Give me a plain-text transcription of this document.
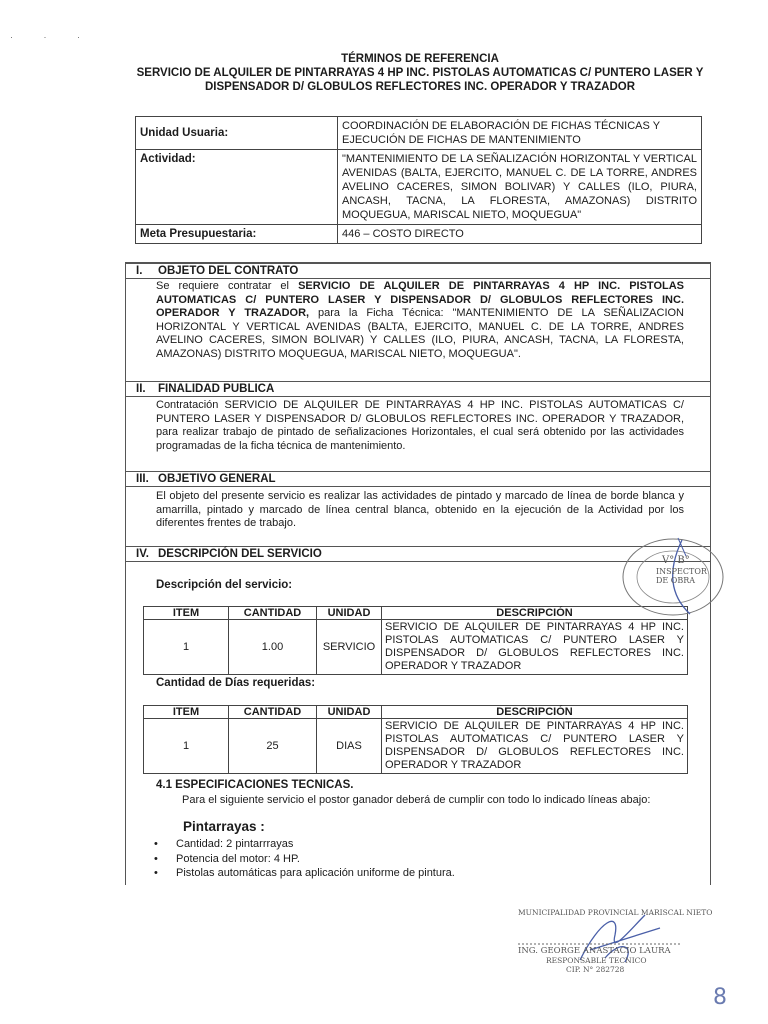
· · ·
TÉRMINOS DE REFERENCIA
SERVICIO DE ALQUILER DE PINTARRAYAS 4 HP INC. PISTOLAS AUTOMATICAS C/ PUNTERO LASER Y
DISPENSADOR D/ GLOBULOS REFLECTORES INC. OPERADOR Y TRAZADOR
Unidad Usuaria:	COORDINACIÓN DE ELABORACIÓN DE FICHAS TÉCNICAS Y EJECUCIÓN DE FICHAS DE MANTENIMIENTO
Actividad:	"MANTENIMIENTO DE LA SEÑALIZACIÓN HORIZONTAL Y VERTICAL AVENIDAS (BALTA, EJERCITO, MANUEL C. DE LA TORRE, ANDRES AVELINO CACERES, SIMON BOLIVAR) Y CALLES (ILO, PIURA, ANCASH, TACNA, LA FLORESTA, AMAZONAS) DISTRITO MOQUEGUA, MARISCAL NIETO, MOQUEGUA"
Meta Presupuestaria:	446 – COSTO DIRECTO
I. OBJETO DEL CONTRATO
Se requiere contratar el SERVICIO DE ALQUILER DE PINTARRAYAS 4 HP INC. PISTOLAS AUTOMATICAS C/ PUNTERO LASER Y DISPENSADOR D/ GLOBULOS REFLECTORES INC. OPERADOR Y TRAZADOR, para la Ficha Técnica: "MANTENIMIENTO DE LA SEÑALIZACION HORIZONTAL Y VERTICAL AVENIDAS (BALTA, EJERCITO, MANUEL C. DE LA TORRE, ANDRES AVELINO CACERES, SIMON BOLIVAR) Y CALLES (ILO, PIURA, ANCASH, TACNA, LA FLORESTA, AMAZONAS) DISTRITO MOQUEGUA, MARISCAL NIETO, MOQUEGUA".
II. FINALIDAD PUBLICA
Contratación SERVICIO DE ALQUILER DE PINTARRAYAS 4 HP INC. PISTOLAS AUTOMATICAS C/ PUNTERO LASER Y DISPENSADOR D/ GLOBULOS REFLECTORES INC. OPERADOR Y TRAZADOR, para realizar trabajo de pintado de señalizaciones Horizontales, el cual será obtenido por las actividades programadas de la ficha técnica de mantenimiento.
III. OBJETIVO GENERAL
El objeto del presente servicio es realizar las actividades de pintado y marcado de línea de borde blanca y amarrilla, pintado y marcado de línea central blanca, obtenido en la ejecución de la Actividad por los diferentes frentes de trabajo.
IV. DESCRIPCIÓN DEL SERVICIO
Descripción del servicio:
ITEM	CANTIDAD	UNIDAD	DESCRIPCIÓN
1	1.00	SERVICIO	SERVICIO DE ALQUILER DE PINTARRAYAS 4 HP INC. PISTOLAS AUTOMATICAS C/ PUNTERO LASER Y DISPENSADOR D/ GLOBULOS REFLECTORES INC. OPERADOR Y TRAZADOR
Cantidad de Días requeridas:
ITEM	CANTIDAD	UNIDAD	DESCRIPCIÓN
1	25	DIAS	SERVICIO DE ALQUILER DE PINTARRAYAS 4 HP INC. PISTOLAS AUTOMATICAS C/ PUNTERO LASER Y DISPENSADOR D/ GLOBULOS REFLECTORES INC. OPERADOR Y TRAZADOR
4.1 ESPECIFICACIONES TECNICAS.
Para el siguiente servicio el postor ganador deberá de cumplir con todo lo indicado líneas abajo:
Pintarrayas :
• Cantidad: 2 pintarrrayas
• Potencia del motor: 4 HP.
• Pistolas automáticas para aplicación uniforme de pintura.
V° B°
INSPECTOR
DE OBRA
MUNICIPALIDAD PROVINCIAL MARISCAL NIETO
ING. GEORGE ANASTACIO LAURA
RESPONSABLE TECNICO
CIP. N° 282728
8
